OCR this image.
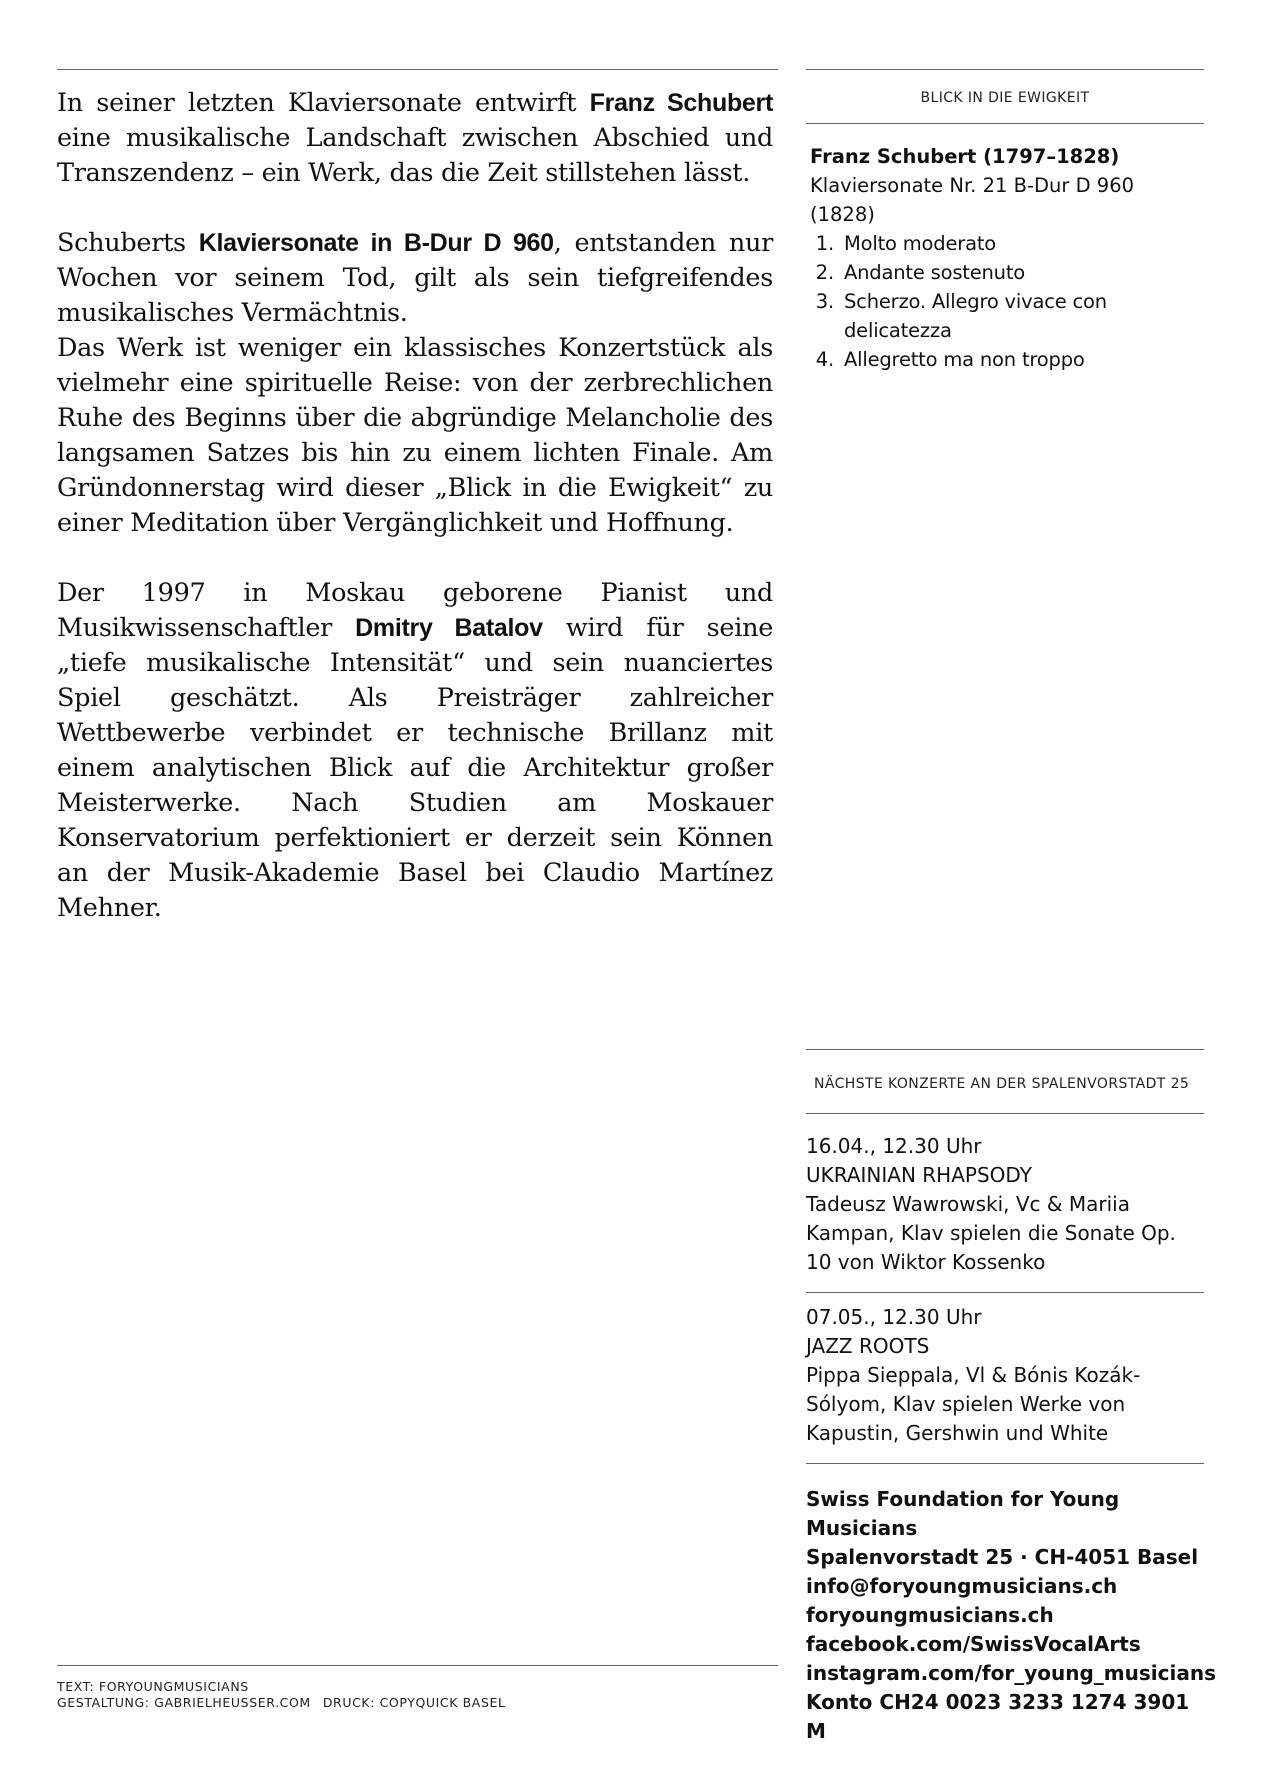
In seiner letzten Klaviersonate entwirft Franz Schubert eine musikalische Landschaft zwischen Abschied und Transzendenz – ein Werk, das die Zeit stillstehen lässt.

Schuberts Klaviersonate in B-Dur D 960, entstanden nur Wochen vor seinem Tod, gilt als sein tiefgreifendes musikalisches Vermächtnis.

Das Werk ist weniger ein klassisches Konzertstück als vielmehr eine spirituelle Reise: von der zerbrechlichen Ruhe des Beginns über die abgründige Melancholie des langsamen Satzes bis hin zu einem lichten Finale. Am Gründonnerstag wird dieser „Blick in die Ewigkeit“ zu einer Meditation über Vergänglichkeit und Hoffnung.

Der 1997 in Moskau geborene Pianist und Musikwissenschaftler Dmitry Batalov wird für seine „tiefe musikalische Intensität“ und sein nuanciertes Spiel geschätzt. Als Preisträger zahlreicher Wettbewerbe verbindet er technische Brillanz mit einem analytischen Blick auf die Architektur großer Meisterwerke. Nach Studien am Moskauer Konservatorium perfektioniert er derzeit sein Können an der Musik-Akademie Basel bei Claudio Martínez Mehner.

TEXT: FORYOUNGMUSICIANS
GESTALTUNG: GABRIELHEUSSER.COM DRUCK: COPYQUICK BASEL
BLICK IN DIE EWIGKEIT
Franz Schubert (1797–1828)
Klaviersonate Nr. 21 B-Dur D 960 (1828)
1. Molto moderato
2. Andante sostenuto
3. Scherzo. Allegro vivace con delicatezza
4. Allegretto ma non troppo
NÄCHSTE KONZERTE AN DER SPALENVORSTADT 25
16.04., 12.30 Uhr
UKRAINIAN RHAPSODY
Tadeusz Wawrowski, Vc & Mariia Kampan, Klav spielen die Sonate Op. 10 von Wiktor Kossenko
07.05., 12.30 Uhr
JAZZ ROOTS
Pippa Sieppala, Vl & Bónis Kozák-Sólyom, Klav spielen Werke von Kapustin, Gershwin und White
Swiss Foundation for Young Musicians
Spalenvorstadt 25 · CH-4051 Basel
info@foryoungmusicians.ch
foryoungmusicians.ch
facebook.com/SwissVocalArts
instagram.com/for_young_musicians
Konto CH24 0023 3233 1274 3901 M
